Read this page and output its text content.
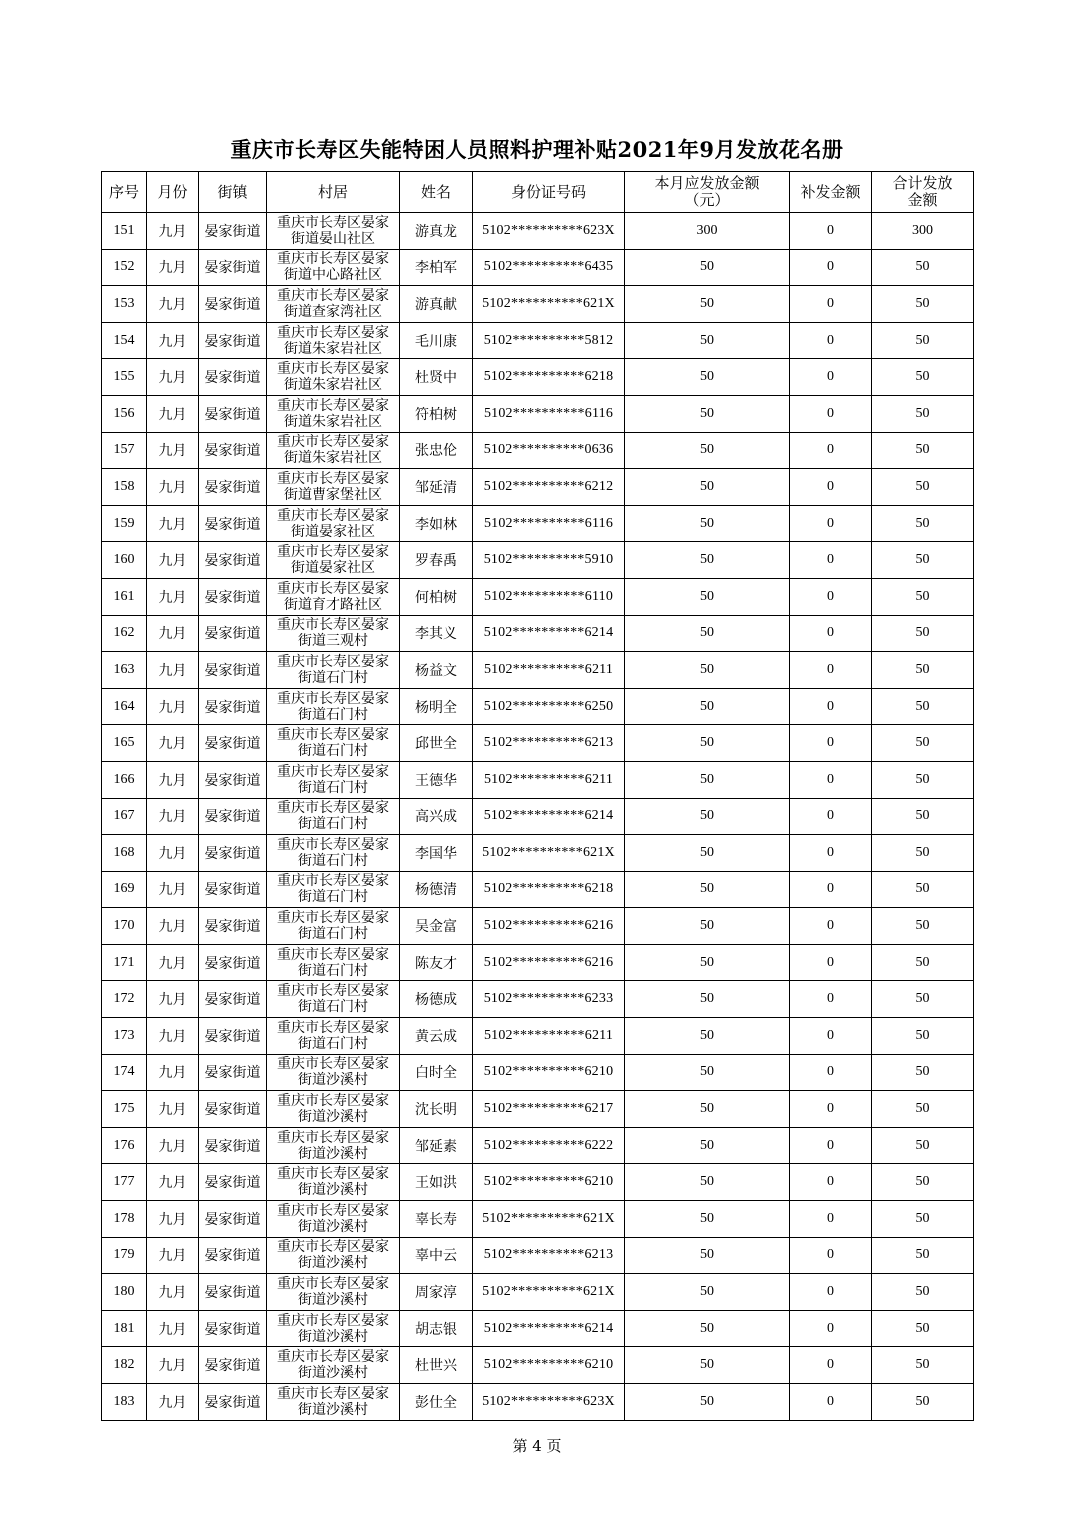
重庆市长寿区失能特困人员照料护理补贴2021年9月发放花名册
序号	月份	街镇	村居	姓名	身份证号码	本月应发放金额（元）	补发金额	合计发放金额
151	九月	晏家街道	重庆市长寿区晏家
街道晏山社区	游真龙	5102**********623X	300	0	300
152	九月	晏家街道	重庆市长寿区晏家
街道中心路社区	李柏军	5102**********6435	50	0	50
153	九月	晏家街道	重庆市长寿区晏家
街道查家湾社区	游真献	5102**********621X	50	0	50
154	九月	晏家街道	重庆市长寿区晏家
街道朱家岩社区	毛川康	5102**********5812	50	0	50
155	九月	晏家街道	重庆市长寿区晏家
街道朱家岩社区	杜贤中	5102**********6218	50	0	50
156	九月	晏家街道	重庆市长寿区晏家
街道朱家岩社区	符柏树	5102**********6116	50	0	50
157	九月	晏家街道	重庆市长寿区晏家
街道朱家岩社区	张忠伦	5102**********0636	50	0	50
158	九月	晏家街道	重庆市长寿区晏家
街道曹家堡社区	邹延清	5102**********6212	50	0	50
159	九月	晏家街道	重庆市长寿区晏家
街道晏家社区	李如林	5102**********6116	50	0	50
160	九月	晏家街道	重庆市长寿区晏家
街道晏家社区	罗春禹	5102**********5910	50	0	50
161	九月	晏家街道	重庆市长寿区晏家
街道育才路社区	何柏树	5102**********6110	50	0	50
162	九月	晏家街道	重庆市长寿区晏家
街道三观村	李其义	5102**********6214	50	0	50
163	九月	晏家街道	重庆市长寿区晏家
街道石门村	杨益文	5102**********6211	50	0	50
164	九月	晏家街道	重庆市长寿区晏家
街道石门村	杨明全	5102**********6250	50	0	50
165	九月	晏家街道	重庆市长寿区晏家
街道石门村	邱世全	5102**********6213	50	0	50
166	九月	晏家街道	重庆市长寿区晏家
街道石门村	王德华	5102**********6211	50	0	50
167	九月	晏家街道	重庆市长寿区晏家
街道石门村	高兴成	5102**********6214	50	0	50
168	九月	晏家街道	重庆市长寿区晏家
街道石门村	李国华	5102**********621X	50	0	50
169	九月	晏家街道	重庆市长寿区晏家
街道石门村	杨德清	5102**********6218	50	0	50
170	九月	晏家街道	重庆市长寿区晏家
街道石门村	吴金富	5102**********6216	50	0	50
171	九月	晏家街道	重庆市长寿区晏家
街道石门村	陈友才	5102**********6216	50	0	50
172	九月	晏家街道	重庆市长寿区晏家
街道石门村	杨德成	5102**********6233	50	0	50
173	九月	晏家街道	重庆市长寿区晏家
街道石门村	黄云成	5102**********6211	50	0	50
174	九月	晏家街道	重庆市长寿区晏家
街道沙溪村	白时全	5102**********6210	50	0	50
175	九月	晏家街道	重庆市长寿区晏家
街道沙溪村	沈长明	5102**********6217	50	0	50
176	九月	晏家街道	重庆市长寿区晏家
街道沙溪村	邹延素	5102**********6222	50	0	50
177	九月	晏家街道	重庆市长寿区晏家
街道沙溪村	王如洪	5102**********6210	50	0	50
178	九月	晏家街道	重庆市长寿区晏家
街道沙溪村	辜长寿	5102**********621X	50	0	50
179	九月	晏家街道	重庆市长寿区晏家
街道沙溪村	辜中云	5102**********6213	50	0	50
180	九月	晏家街道	重庆市长寿区晏家
街道沙溪村	周家淳	5102**********621X	50	0	50
181	九月	晏家街道	重庆市长寿区晏家
街道沙溪村	胡志银	5102**********6214	50	0	50
182	九月	晏家街道	重庆市长寿区晏家
街道沙溪村	杜世兴	5102**********6210	50	0	50
183	九月	晏家街道	重庆市长寿区晏家
街道沙溪村	彭仕全	5102**********623X	50	0	50
第 4 页
